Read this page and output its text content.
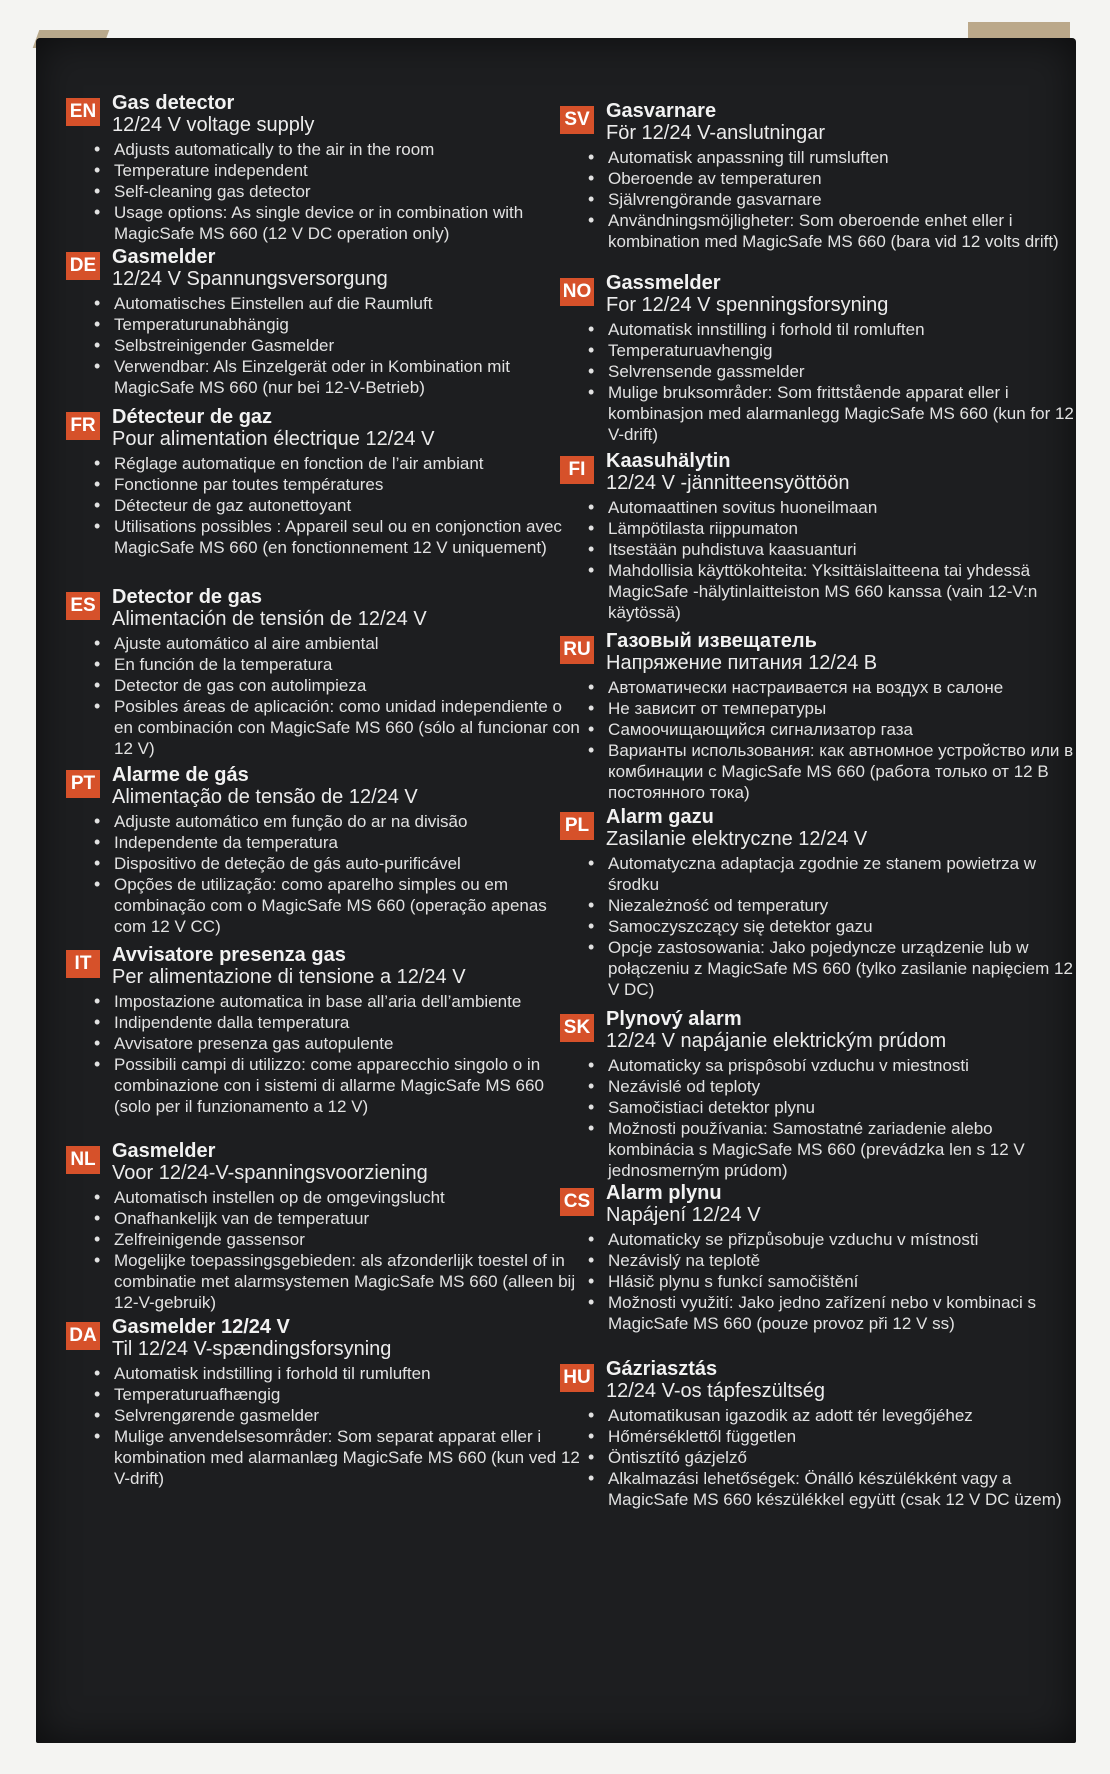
EN Gas detector
12/24 V voltage supply
• Adjusts automatically to the air in the room
• Temperature independent
• Self-cleaning gas detector
• Usage options: As single device or in combination with MagicSafe MS 660 (12 V DC operation only)
DE Gasmelder
12/24 V Spannungsversorgung
• Automatisches Einstellen auf die Raumluft
• Temperaturunabhängig
• Selbstreinigender Gasmelder
• Verwendbar: Als Einzelgerät oder in Kombination mit MagicSafe MS 660 (nur bei 12-V-Betrieb)
FR Détecteur de gaz
Pour alimentation électrique 12/24 V
• Réglage automatique en fonction de l’air ambiant
• Fonctionne par toutes températures
• Détecteur de gaz autonettoyant
• Utilisations possibles : Appareil seul ou en conjonction avec MagicSafe MS 660 (en fonctionnement 12 V uniquement)
ES Detector de gas
Alimentación de tensión de 12/24 V
• Ajuste automático al aire ambiental
• En función de la temperatura
• Detector de gas con autolimpieza
• Posibles áreas de aplicación: como unidad independiente o en combinación con MagicSafe MS 660 (sólo al funcionar con 12 V)
PT Alarme de gás
Alimentação de tensão de 12/24 V
• Adjuste automático em função do ar na divisão
• Independente da temperatura
• Dispositivo de deteção de gás auto-purificável
• Opções de utilização: como aparelho simples ou em combinação com o MagicSafe MS 660 (operação apenas com 12 V CC)
IT	Avvisatore presenza gas
Per alimentazione di tensione a 12/24 V
• Impostazione automatica in base all’aria dell’ambiente
• Indipendente dalla temperatura
• Avvisatore presenza gas autopulente
• Possibili campi di utilizzo: come apparecchio singolo o in combinazione con i sistemi di allarme MagicSafe MS 660 (solo per il funzionamento a 12 V)
NL Gasmelder
Voor 12/24-V-spanningsvoorziening
• Automatisch instellen op de omgevingslucht
• Onafhankelijk van de temperatuur
• Zelfreinigende gassensor
• Mogelijke toepassingsgebieden: als afzonderlijk toestel of in combinatie met alarmsystemen MagicSafe MS 660 (alleen bij 12-V-gebruik)
DA Gasmelder 12/24 V
Til 12/24 V-spændingsforsyning
• Automatisk indstilling i forhold til rumluften
• Temperaturuafhængig
• Selvrengørende gasmelder
• Mulige anvendelsesområder: Som separat apparat eller i kombination med alarmanlæg MagicSafe MS 660 (kun ved 12 V-drift)
SV Gasvarnare
För 12/24 V-anslutningar
• Automatisk anpassning till rumsluften
• Oberoende av temperaturen
• Självrengörande gasvarnare
• Användningsmöjligheter: Som oberoende enhet eller i kombination med MagicSafe MS 660 (bara vid 12 volts drift)
NO Gassmelder
For 12/24 V spenningsforsyning
• Automatisk innstilling i forhold til romluften
• Temperaturuavhengig
• Selvrensende gassmelder
• Mulige bruksområder: Som frittstående apparat eller i kombinasjon med alarmanlegg MagicSafe MS 660 (kun for 12 V-drift)
FI	Kaasuhälytin
12/24 V -jännitteensyöttöön
• Automaattinen sovitus huoneilmaan
• Lämpötilasta riippumaton
• Itsestään puhdistuva kaasuanturi
• Mahdollisia käyttökohteita: Yksittäislaitteena tai yhdessä MagicSafe -hälytinlaitteiston MS 660 kanssa (vain 12-V:n käytössä)
RU Газовый извещатель
Напряжение питания 12/24 В
• Автоматически настраивается на воздух в салоне
• Не зависит от температуры
• Самоочищающийся сигнализатор газа
• Варианты использования: как автномное устройство или в комбинации с MagicSafe MS 660 (работа только от 12 В постоянного тока)
PL Alarm gazu
Zasilanie elektryczne 12/24 V
• Automatyczna adaptacja zgodnie ze stanem powietrza w środku
• Niezależność od temperatury
• Samoczyszczący się detektor gazu
• Opcje zastosowania: Jako pojedyncze urządzenie lub w połączeniu z MagicSafe MS 660 (tylko zasilanie napięciem 12 V DC)
SK Plynový alarm
12/24 V napájanie elektrickým prúdom
• Automaticky sa prispôsobí vzduchu v miestnosti
• Nezávislé od teploty
• Samočistiaci detektor plynu
• Možnosti používania: Samostatné zariadenie alebo kombinácia s MagicSafe MS 660 (prevádzka len s 12 V jednosmerným prúdom)
CS Alarm plynu
Napájení 12/24 V
• Automaticky se přizpůsobuje vzduchu v místnosti
• Nezávislý na teplotě
• Hlásič plynu s funkcí samočištění
• Možnosti využití: Jako jedno zařízení nebo v kombinaci s MagicSafe MS 660 (pouze provoz při 12 V ss)
HU Gázriasztás
12/24 V-os tápfeszültség
• Automatikusan igazodik az adott tér levegőjéhez
• Hőmérséklettől független
• Öntisztító gázjelző
• Alkalmazási lehetőségek: Önálló készülékként vagy a MagicSafe MS 660 készülékkel együtt (csak 12 V DC üzem)
